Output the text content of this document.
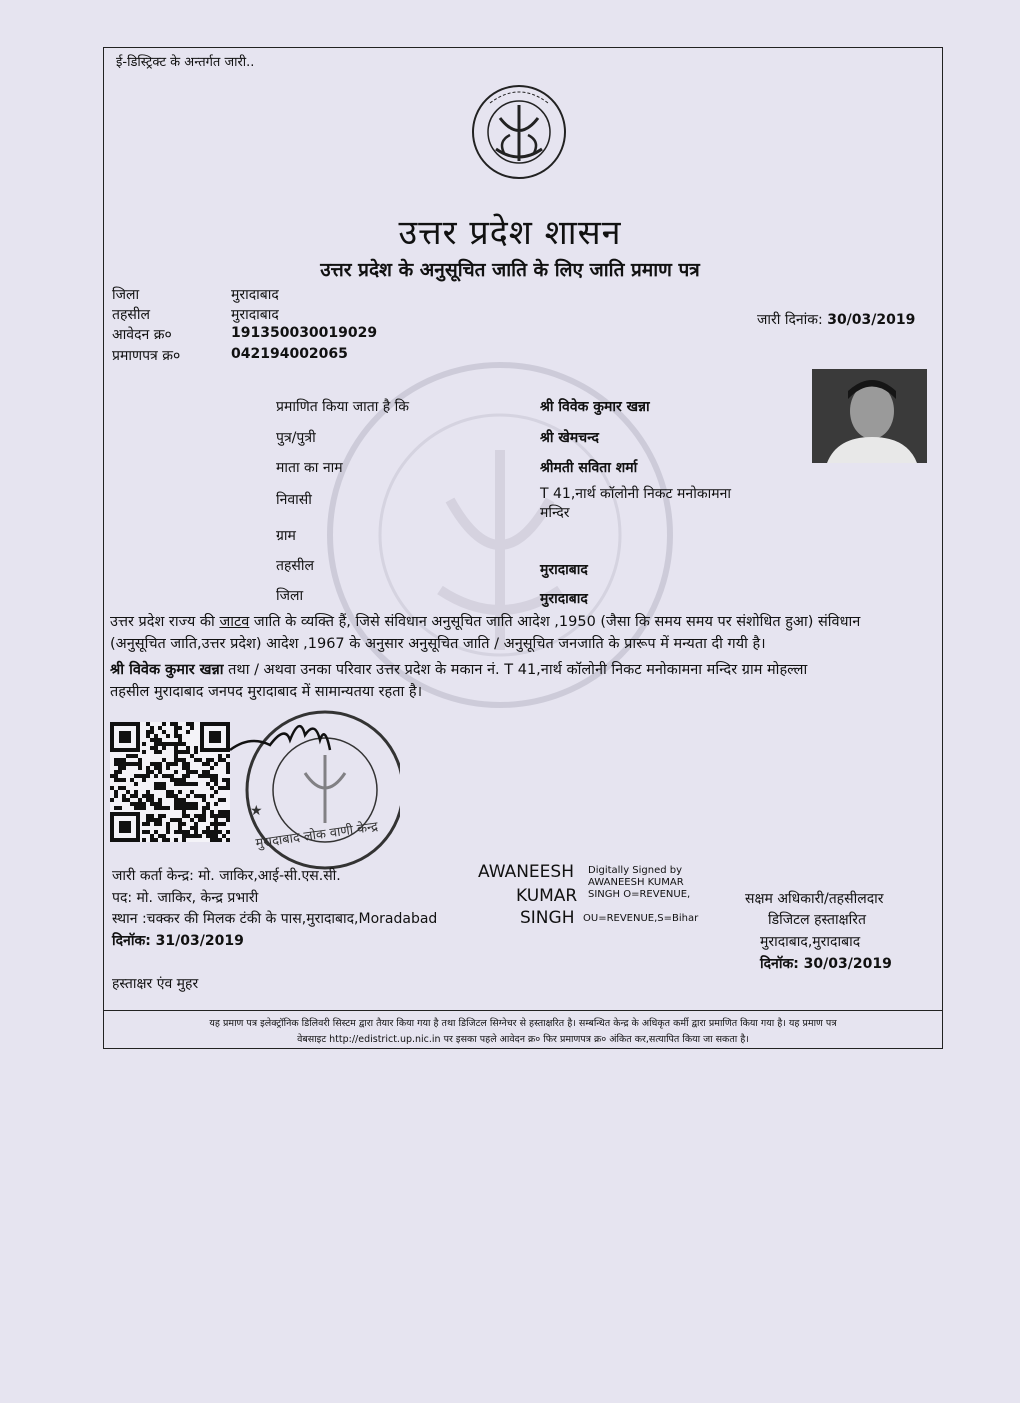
ई-डिस्ट्रिक्ट के अन्तर्गत जारी..
उत्तर प्रदेश शासन
उत्तर प्रदेश के अनुसूचित जाति के लिए जाति प्रमाण पत्र
जिला	मुरादाबाद
तहसील	मुरादाबाद
आवेदन क्र०	191350030019029
प्रमाणपत्र क्र०	042194002065
जारी दिनांक: 30/03/2019
प्रमाणित किया जाता है कि	श्री विवेक कुमार खन्ना
पुत्र/पुत्री	श्री खेमचन्द
माता का नाम	श्रीमती सविता शर्मा
निवासी	T 41,नार्थ कॉलोनी निकट मनोकामना
मन्दिर
ग्राम
तहसील	मुरादाबाद
जिला	मुरादाबाद

उत्तर प्रदेश राज्य की जाटव जाति के व्यक्ति हैं, जिसे संविधान अनुसूचित जाति आदेश ,1950 (जैसा कि समय समय पर संशोधित हुआ) संविधान

(अनुसूचित जाति,उत्तर प्रदेश) आदेश ,1967 के अनुसार अनुसूचित जाति / अनुसूचित जनजाति के प्रारूप में मन्यता दी गयी है।

श्री विवेक कुमार खन्ना तथा / अथवा उनका परिवार उत्तर प्रदेश के मकान नं. T 41,नार्थ कॉलोनी निकट मनोकामना मन्दिर ग्राम मोहल्ला

तहसील मुरादाबाद जनपद मुरादाबाद में सामान्यतया रहता है।

★
मुरादाबाद लोक वाणी केन्द्र
जारी कर्ता केन्द्र: मो. जाकिर,आई-सी.एस.सी.
पद: मो. जाकिर, केन्द्र प्रभारी
स्थान :चक्कर की मिलक टंकी के पास,मुरादाबाद,Moradabad
दिनॉक: 31/03/2019
हस्ताक्षर एंव मुहर
AWANEESH
KUMAR
SINGH
Digitally Signed by
AWANEESH KUMAR
SINGH O=REVENUE,
OU=REVENUE,S=Bihar
सक्षम अधिकारी/तहसीलदार
डिजिटल हस्ताक्षरित
मुरादाबाद,मुरादाबाद
दिनॉक: 30/03/2019
यह प्रमाण पत्र इलेक्ट्रॉनिक डिलिवरी सिस्टम द्वारा तैयार किया गया है तथा डिजिटल सिग्नेचर से हस्ताक्षरित है। सम्बन्धित केन्द्र के अधिकृत कर्मी द्वारा प्रमाणित किया गया है। यह प्रमाण पत्र
वेबसाइट http://edistrict.up.nic.in पर इसका पहले आवेदन क्र० फिर प्रमाणपत्र क्र० अंकित कर,सत्यापित किया जा सकता है।
